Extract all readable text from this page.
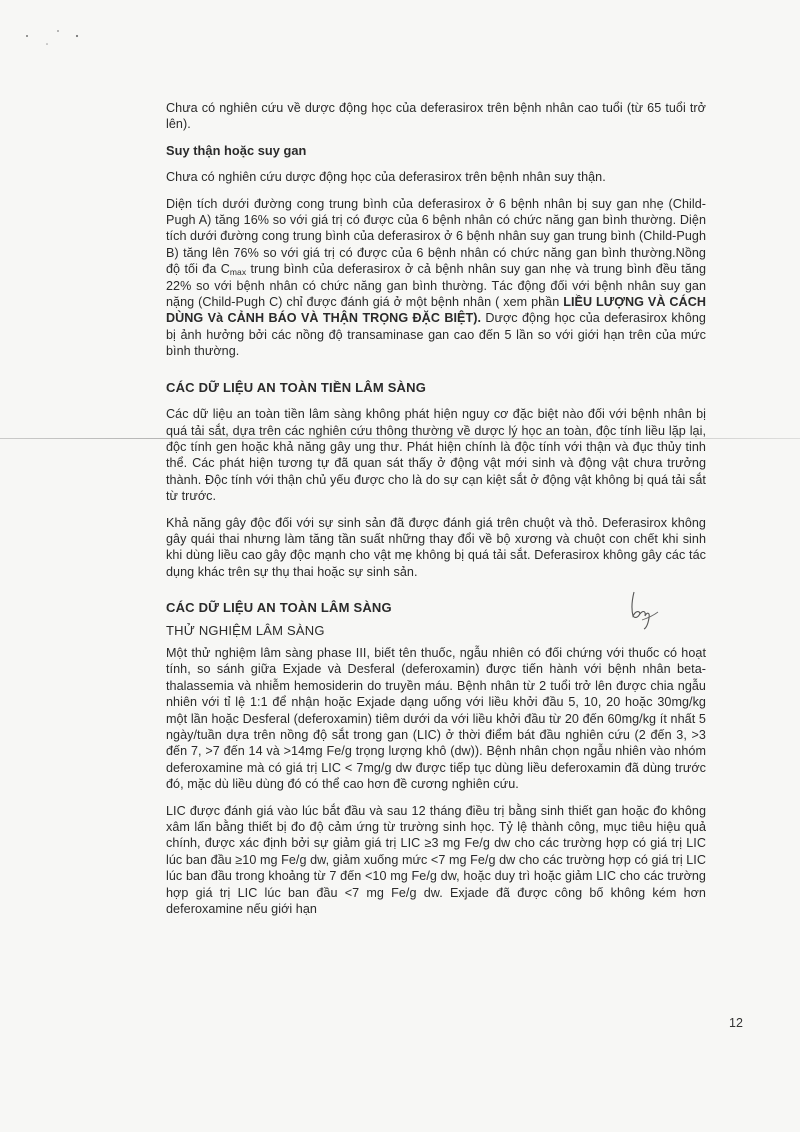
Chưa có nghiên cứu về dược động học của deferasirox trên bệnh nhân cao tuổi (từ 65 tuổi trở lên).

Suy thận hoặc suy gan

Chưa có nghiên cứu dược động học của deferasirox trên bệnh nhân suy thận.

Diện tích dưới đường cong trung bình của deferasirox ở 6 bệnh nhân bị suy gan nhẹ (Child-Pugh A) tăng 16% so với giá trị có được của 6 bệnh nhân có chức năng gan bình thường. Diện tích dưới đường cong trung bình của deferasirox ở 6 bệnh nhân suy gan trung bình (Child-Pugh B) tăng lên 76% so với giá trị có được của 6 bệnh nhân có chức năng gan bình thường.Nồng độ tối đa $C_{max}$ trung bình của deferasirox ở cả bệnh nhân suy gan nhẹ và trung bình đều tăng 22% so với bệnh nhân có chức năng gan bình thường. Tác động đối với bệnh nhân suy gan nặng (Child-Pugh C) chỉ được đánh giá ở một bệnh nhân ( xem phần LIỀU LƯỢNG VÀ CÁCH DÙNG Và CẢNH BÁO VÀ THẬN TRỌNG ĐẶC BIỆT). Dược động học của deferasirox không bị ảnh hưởng bởi các nồng độ transaminase gan cao đến 5 lần so với giới hạn trên của mức bình thường.

CÁC DỮ LIỆU AN TOÀN TIỀN LÂM SÀNG

Các dữ liệu an toàn tiền lâm sàng không phát hiện nguy cơ đặc biệt nào đối với bệnh nhân bị quá tải sắt, dựa trên các nghiên cứu thông thường về dược lý học an toàn, độc tính liều lặp lại, độc tính gen hoặc khả năng gây ung thư. Phát hiện chính là độc tính với thận và đục thủy tinh thể. Các phát hiện tương tự đã quan sát thấy ở động vật mới sinh và động vật chưa trưởng thành. Độc tính với thận chủ yếu được cho là do sự cạn kiệt sắt ở động vật không bị quá tải sắt từ trước.

Khả năng gây độc đối với sự sinh sản đã được đánh giá trên chuột và thỏ. Deferasirox không gây quái thai nhưng làm tăng tần suất những thay đổi về bộ xương và chuột con chết khi sinh khi dùng liều cao gây độc mạnh cho vật mẹ không bị quá tải sắt. Deferasirox không gây các tác dụng khác trên sự thụ thai hoặc sự sinh sản.

CÁC DỮ LIỆU AN TOÀN LÂM SÀNG
THỬ NGHIỆM LÂM SÀNG

Một thử nghiệm lâm sàng phase III, biết tên thuốc, ngẫu nhiên có đối chứng với thuốc có hoạt tính, so sánh giữa Exjade và Desferal (deferoxamin) được tiến hành với bệnh nhân beta-thalassemia và nhiễm hemosiderin do truyền máu. Bệnh nhân từ 2 tuổi trở lên được chia ngẫu nhiên với tỉ lệ 1:1 để nhận hoặc Exjade dạng uống với liều khởi đầu 5, 10, 20 hoặc 30mg/kg một lần hoặc Desferal (deferoxamin) tiêm dưới da với liều khởi đầu từ 20 đến 60mg/kg ít nhất 5 ngày/tuần dựa trên nồng độ sắt trong gan (LIC) ở thời điểm bát đầu nghiên cứu (2 đến 3, >3 đến 7, >7 đến 14 và >14mg Fe/g trọng lượng khô (dw)). Bệnh nhân chọn ngẫu nhiên vào nhóm deferoxamine mà có giá trị LIC < 7mg/g dw được tiếp tục dùng liều deferoxamin đã dùng trước đó, mặc dù liều dùng đó có thể cao hơn đề cương nghiên cứu.

LIC được đánh giá vào lúc bắt đầu và sau 12 tháng điều trị bằng sinh thiết gan hoặc đo không xâm lấn bằng thiết bị đo độ cảm ứng từ trường sinh học. Tỷ lệ thành công, mục tiêu hiệu quả chính, được xác định bởi sự giảm giá trị LIC ≥3 mg Fe/g dw cho các trường hợp có giá trị LIC lúc ban đầu ≥10 mg Fe/g dw, giảm xuống mức <7 mg Fe/g dw cho các trường hợp có giá trị LIC lúc ban đầu trong khoảng từ 7 đến <10 mg Fe/g dw, hoặc duy trì hoặc giảm LIC cho các trường hợp giá trị LIC lúc ban đầu <7 mg Fe/g dw. Exjade đã được công bố không kém hơn deferoxamine nếu giới hạn

12
